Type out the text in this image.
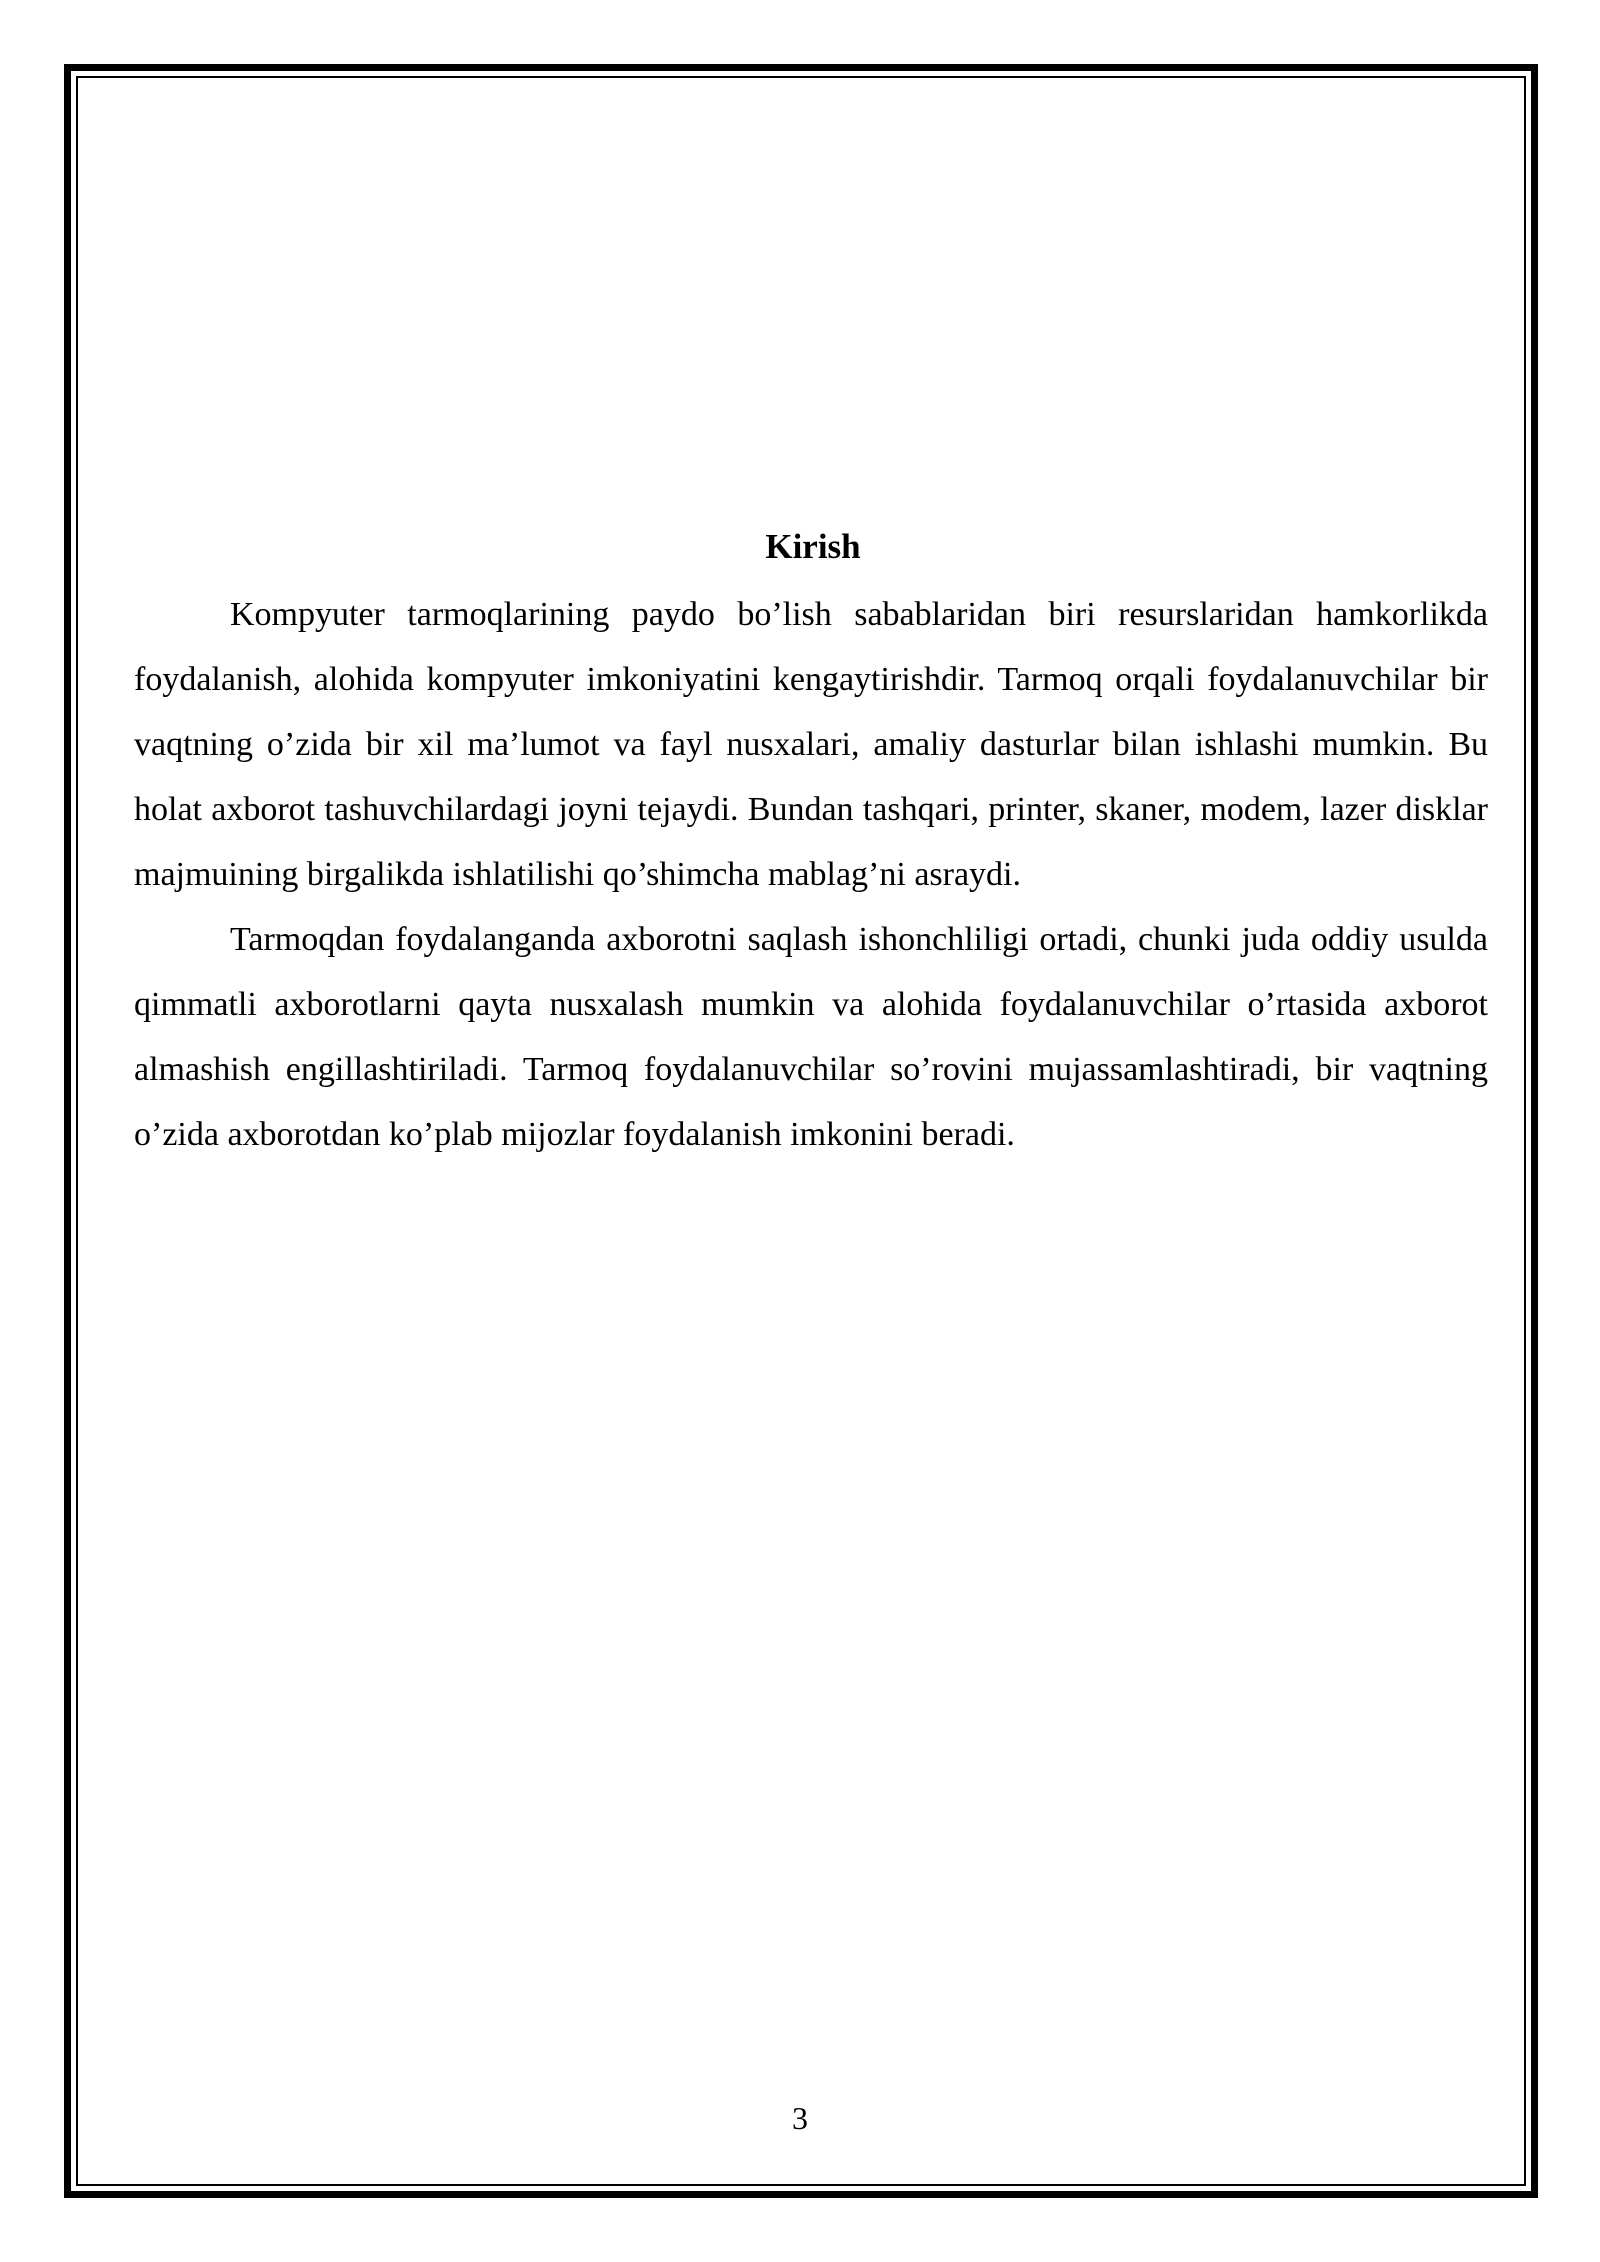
Kirish

Kompyuter tarmoqlarining paydo bo’lish sabablaridan biri resurslaridan hamkorlikda foydalanish, alohida kompyuter imkoniyatini kengaytirishdir. Tarmoq orqali foydalanuvchilar bir vaqtning o’zida bir xil ma’lumot va fayl nusxalari, amaliy dasturlar bilan ishlashi mumkin. Bu holat axborot tashuvchilardagi joyni tejaydi. Bundan tashqari, printer, skaner, modem, lazer disklar majmuining birgalikda ishlatilishi qo’shimcha mablag’ni asraydi.

Tarmoqdan foydalanganda axborotni saqlash ishonchliligi ortadi, chunki juda oddiy usulda qimmatli axborotlarni qayta nusxalash mumkin va alohida foydalanuvchilar o’rtasida axborot almashish engillashtiriladi. Tarmoq foydalanuvchilar so’rovini mujassamlashtiradi, bir vaqtning o’zida axborotdan ko’plab mijozlar foydalanish imkonini beradi.

3
